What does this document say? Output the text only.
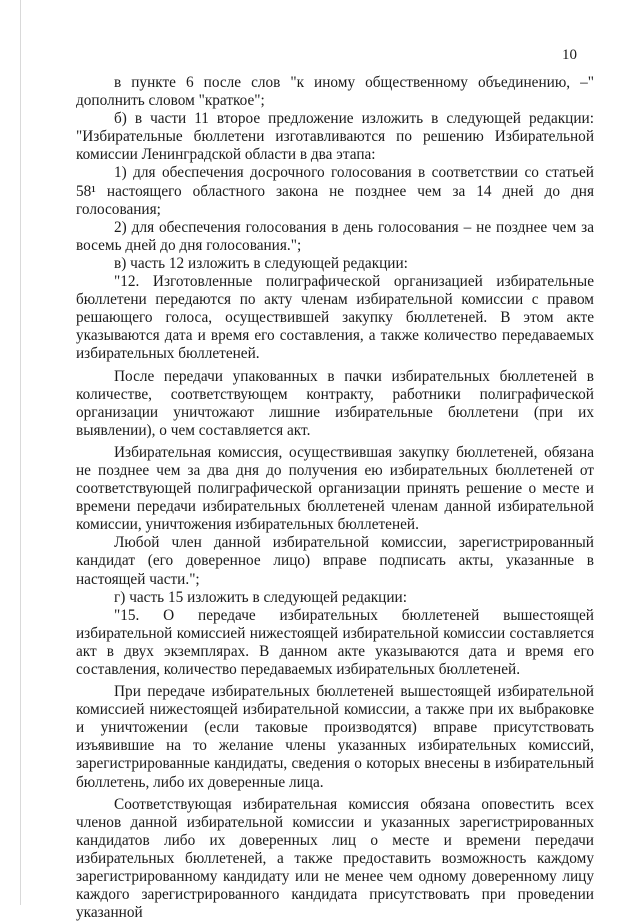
10

в пункте 6 после слов "к иному общественному объединению, –" дополнить словом "краткое";

б) в части 11 второе предложение изложить в следующей редакции: "Избирательные бюллетени изготавливаются по решению Избирательной комиссии Ленинградской области в два этапа:

1) для обеспечения досрочного голосования в соответствии со статьей 58¹ настоящего областного закона не позднее чем за 14 дней до дня голосования;

2) для обеспечения голосования в день голосования – не позднее чем за восемь дней до дня голосования.";

в) часть 12 изложить в следующей редакции:

"12. Изготовленные полиграфической организацией избирательные бюллетени передаются по акту членам избирательной комиссии с правом решающего голоса, осуществившей закупку бюллетеней. В этом акте указываются дата и время его составления, а также количество передаваемых избирательных бюллетеней.

После передачи упакованных в пачки избирательных бюллетеней в количестве, соответствующем контракту, работники полиграфической организации уничтожают лишние избирательные бюллетени (при их выявлении), о чем составляется акт.

Избирательная комиссия, осуществившая закупку бюллетеней, обязана не позднее чем за два дня до получения ею избирательных бюллетеней от соответствующей полиграфической организации принять решение о месте и времени передачи избирательных бюллетеней членам данной избирательной комиссии, уничтожения избирательных бюллетеней.

Любой член данной избирательной комиссии, зарегистрированный кандидат (его доверенное лицо) вправе подписать акты, указанные в настоящей части.";

г) часть 15 изложить в следующей редакции:

"15. О передаче избирательных бюллетеней вышестоящей избирательной комиссией нижестоящей избирательной комиссии составляется акт в двух экземплярах. В данном акте указываются дата и время его составления, количество передаваемых избирательных бюллетеней.

При передаче избирательных бюллетеней вышестоящей избирательной комиссией нижестоящей избирательной комиссии, а также при их выбраковке и уничтожении (если таковые производятся) вправе присутствовать изъявившие на то желание члены указанных избирательных комиссий, зарегистрированные кандидаты, сведения о которых внесены в избирательный бюллетень, либо их доверенные лица.

Соответствующая избирательная комиссия обязана оповестить всех членов данной избирательной комиссии и указанных зарегистрированных кандидатов либо их доверенных лиц о месте и времени передачи избирательных бюллетеней, а также предоставить возможность каждому зарегистрированному кандидату или не менее чем одному доверенному лицу каждого зарегистрированного кандидата присутствовать при проведении указанной
